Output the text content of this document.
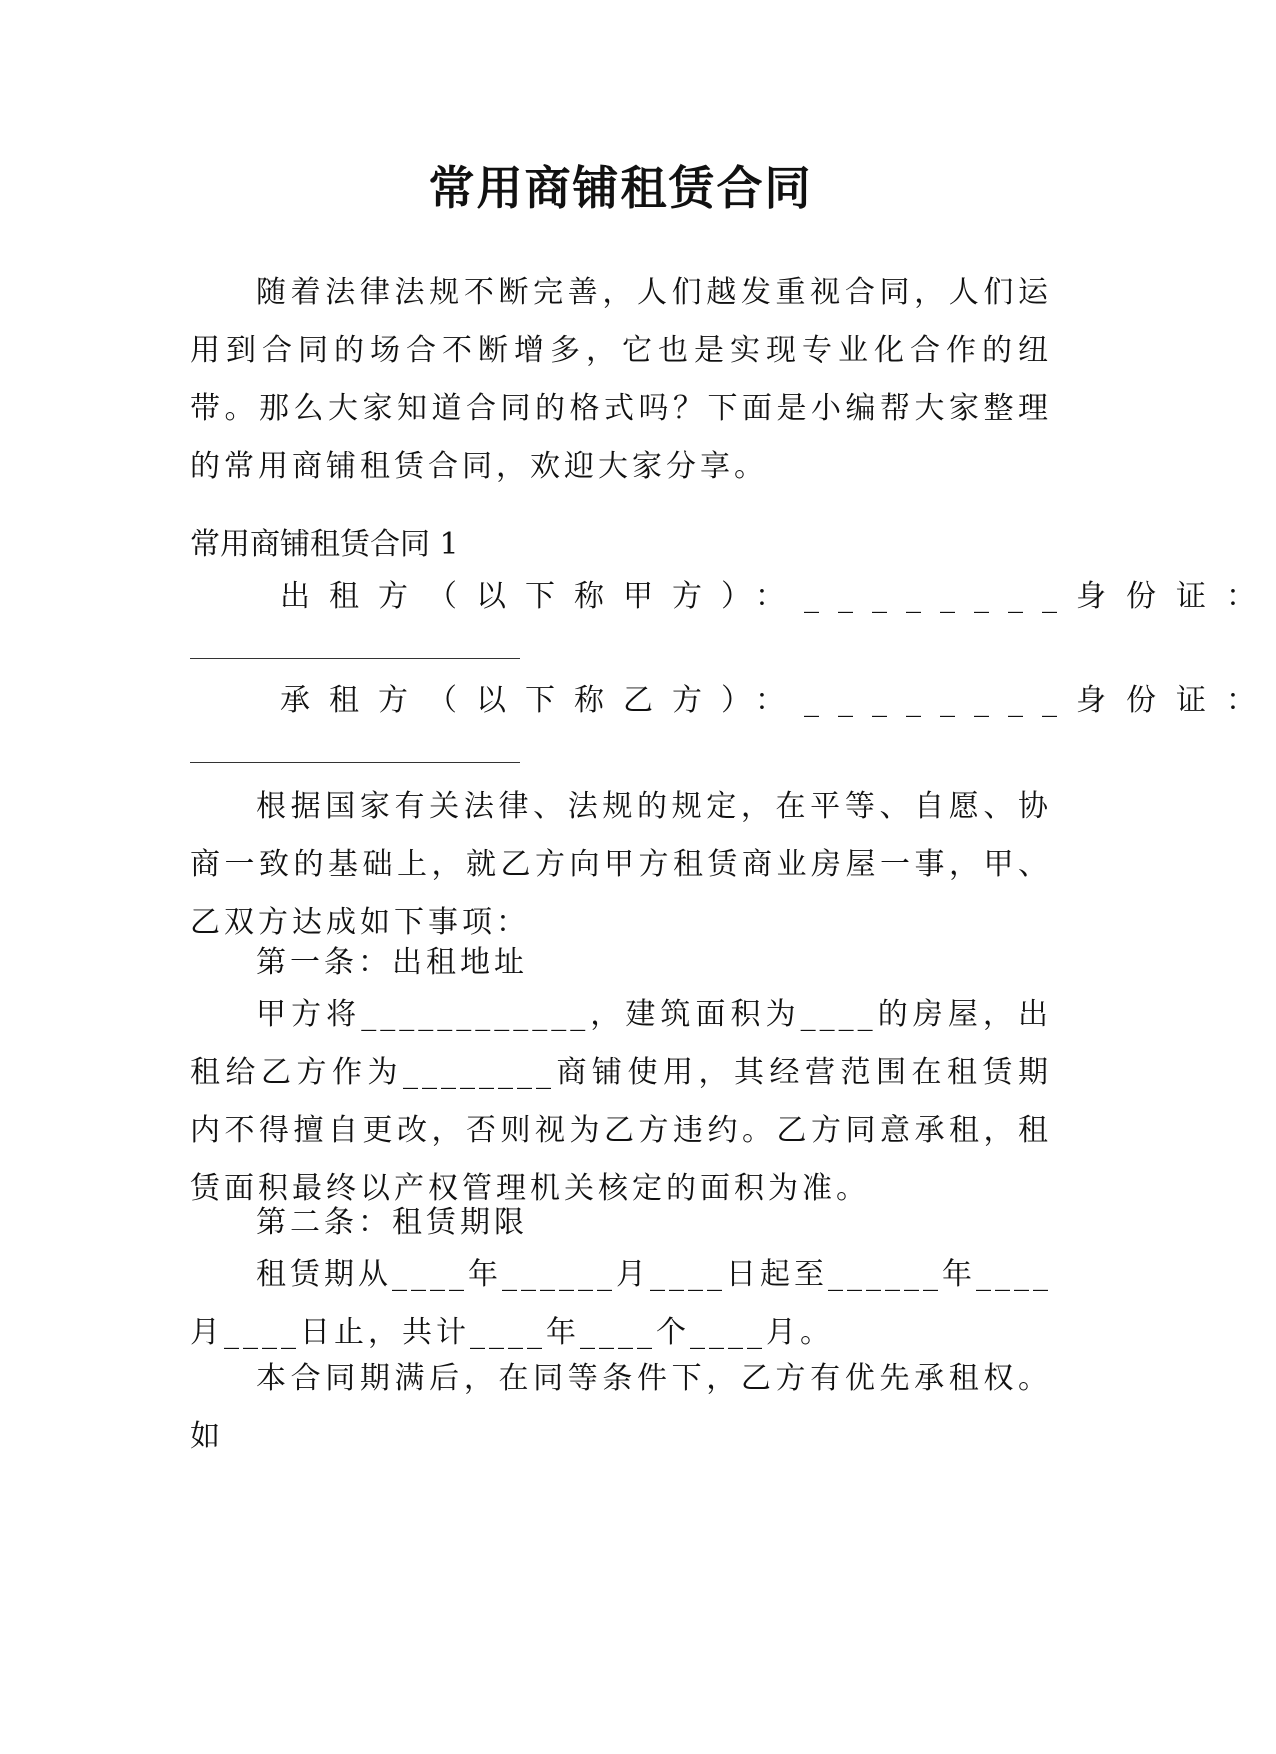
常用商铺租赁合同

随着法律法规不断完善，人们越发重视合同，人们运用到合同的场合不断增多，它也是实现专业化合作的纽带。那么大家知道合同的格式吗？下面是小编帮大家整理的常用商铺租赁合同，欢迎大家分享。

常用商铺租赁合同 1
出租方（以下称甲方）：________ 身份证：
承租方（以下称乙方）：________ 身份证：

根据国家有关法律、法规的规定，在平等、自愿、协商一致的基础上，就乙方向甲方租赁商业房屋一事，甲、乙双方达成如下事项：

第一条：出租地址

甲方将____________，建筑面积为____的房屋，出租给乙方作为________商铺使用，其经营范围在租赁期内不得擅自更改，否则视为乙方违约。乙方同意承租，租赁面积最终以产权管理机关核定的面积为准。

第二条：租赁期限

租赁期从____年______月____日起至______年____月____日止，共计____年____个____月。

本合同期满后，在同等条件下，乙方有优先承租权。如
